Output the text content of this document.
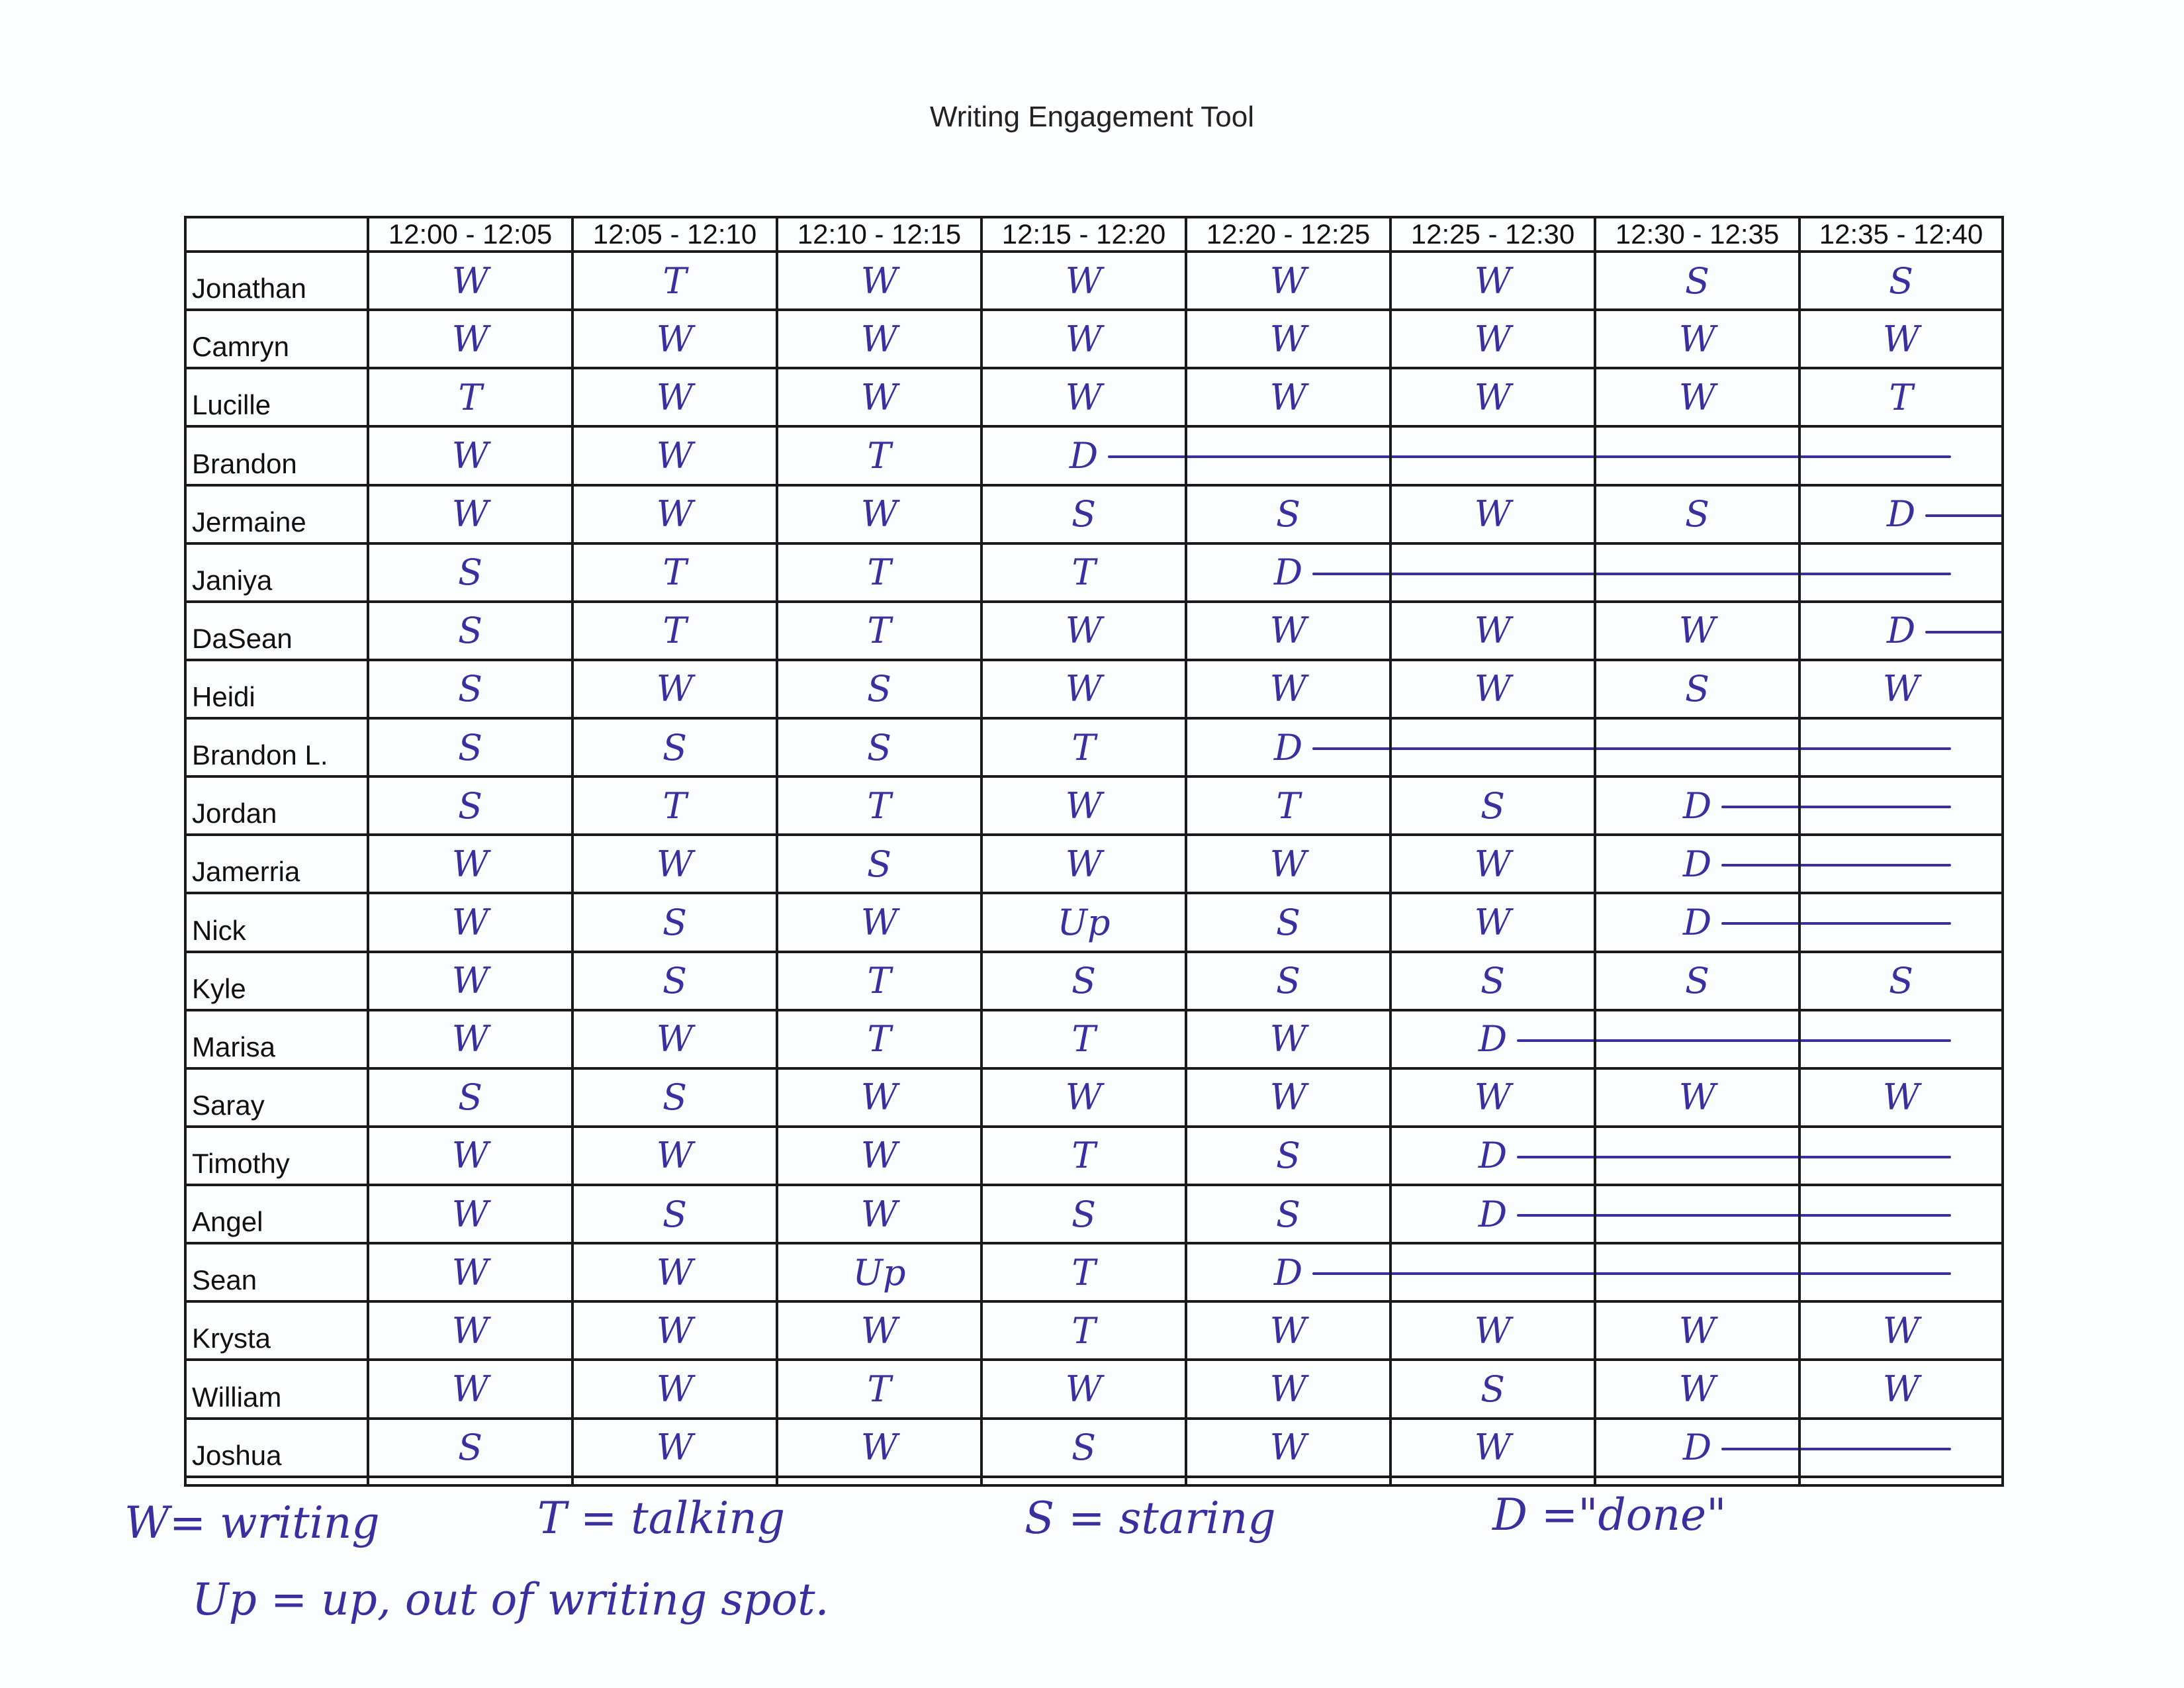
Writing Engagement Tool
	12:00 - 12:05	12:05 - 12:10	12:10 - 12:15	12:15 - 12:20	12:20 - 12:25	12:25 - 12:30	12:30 - 12:35	12:35 - 12:40
Jonathan	W	T	W	W	W	W	S	S
Camryn	W	W	W	W	W	W	W	W
Lucille	T	W	W	W	W	W	W	T
Brandon	W	W	T	D

Jermaine	W	W	W	S	S	W	S	D

Janiya	S	T	T	T	D

DaSean	S	T	T	W	W	W	W	D

Heidi	S	W	S	W	W	W	S	W
Brandon L.	S	S	S	T	D

Jordan	S	T	T	W	T	S	D

Jamerria	W	W	S	W	W	W	D

Nick	W	S	W	Up	S	W	D

Kyle	W	S	T	S	S	S	S	S
Marisa	W	W	T	T	W	D

Saray	S	S	W	W	W	W	W	W
Timothy	W	W	W	T	S	D

Angel	W	S	W	S	S	D

Sean	W	W	Up	T	D

Krysta	W	W	W	T	W	W	W	W
William	W	W	T	W	W	S	W	W
Joshua	S	W	W	S	W	W	D

W= writing	T = talking	S = staring	D ="done"
Up = up, out of writing spot.
